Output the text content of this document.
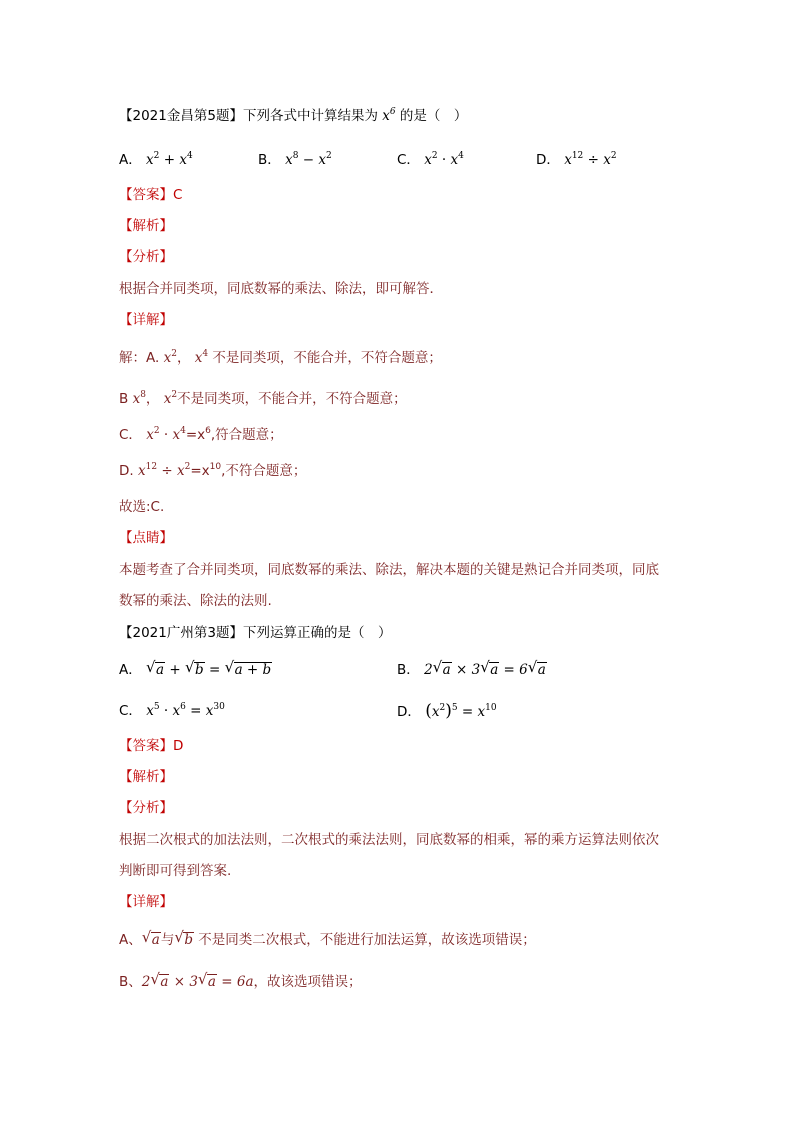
【2021金昌第5题】下列各式中计算结果为 $x^6$ 的是（　）
A． $x^2 + x^4$	B． $x^8 - x^2$	C． $x^2 \cdot x^4$	D． $x^{12} \div x^2$
【答案】C
【解析】
【分析】
根据合并同类项，同底数幂的乘法、除法，即可解答．
【详解】
解：A. $x^2$， $x^4$ 不是同类项，不能合并，不符合题意；
B $x^8$， $x^2$不是同类项，不能合并，不符合题意；
C． $x^2 \cdot x^4=x^6$,符合题意；
D. $x^{12} \div x^2=x^{10}$,不符合题意；
故选:C.
【点睛】
本题考查了合并同类项，同底数幂的乘法、除法，解决本题的关键是熟记合并同类项，同底
数幂的乘法、除法的法则.
【2021广州第3题】下列运算正确的是（　）
A． √ a + √ b = √ a + b	B． 2 √ a × 3 √ a = 6 √ a
C． $x^5 \cdot x^6 = x^{30}$	D． $(x^2)^5 = x^{10}$
【答案】D
【解析】
【分析】
根据二次根式的加法法则，二次根式的乘法法则，同底数幂的相乘，幂的乘方运算法则依次
判断即可得到答案.
【详解】
A、 √ a与 √ b 不是同类二次根式，不能进行加法运算，故该选项错误；
B、2 √ a × 3 √ a = 6a，故该选项错误；
